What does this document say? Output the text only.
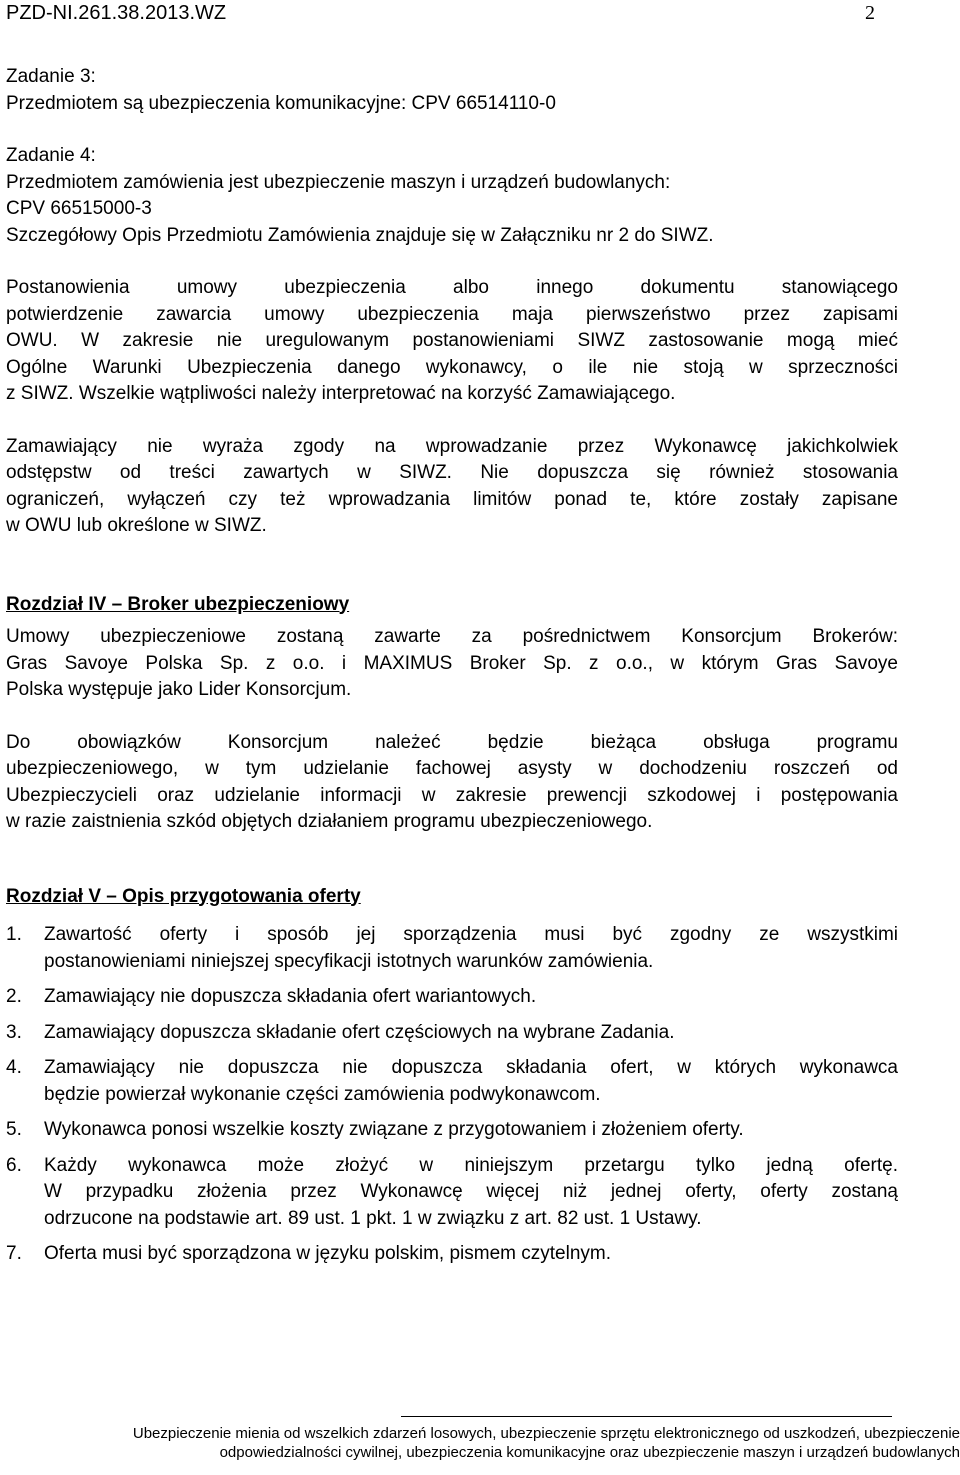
PZD-NI.261.38.2013.WZ	2

Zadanie 3:
Przedmiotem są ubezpieczenia komunikacyjne: CPV 66514110-0

Zadanie 4:
Przedmiotem zamówienia jest ubezpieczenie maszyn i urządzeń budowlanych:
CPV 66515000-3

Szczegółowy Opis Przedmiotu Zamówienia znajduje się w Załączniku nr 2 do SIWZ.

Postanowienia umowy ubezpieczenia albo innego dokumentu stanowiącego
potwierdzenie zawarcia umowy ubezpieczenia maja pierwszeństwo przez zapisami
OWU. W zakresie nie uregulowanym postanowieniami SIWZ zastosowanie mogą mieć
Ogólne Warunki Ubezpieczenia danego wykonawcy, o ile nie stoją w sprzeczności
z SIWZ. Wszelkie wątpliwości należy interpretować na korzyść Zamawiającego.

Zamawiający nie wyraża zgody na wprowadzanie przez Wykonawcę jakichkolwiek
odstępstw od treści zawartych w SIWZ. Nie dopuszcza się również stosowania
ograniczeń, wyłączeń czy też wprowadzania limitów ponad te, które zostały zapisane
w OWU lub określone w SIWZ.

Rozdział IV – Broker ubezpieczeniowy

Umowy ubezpieczeniowe zostaną zawarte za pośrednictwem Konsorcjum Brokerów:
Gras Savoye Polska Sp. z o.o. i MAXIMUS Broker Sp. z o.o., w którym Gras Savoye
Polska występuje jako Lider Konsorcjum.

Do obowiązków Konsorcjum należeć będzie bieżąca obsługa programu
ubezpieczeniowego, w tym udzielanie fachowej asysty w dochodzeniu roszczeń od
Ubezpieczycieli oraz udzielanie informacji w zakresie prewencji szkodowej i postępowania
w razie zaistnienia szkód objętych działaniem programu ubezpieczeniowego.

Rozdział V – Opis przygotowania oferty

1. Zawartość oferty i sposób jej sporządzenia musi być zgodny ze wszystkimi
postanowieniami niniejszej specyfikacji istotnych warunków zamówienia.
2. Zamawiający nie dopuszcza składania ofert wariantowych.
3. Zamawiający dopuszcza składanie ofert częściowych na wybrane Zadania.
4. Zamawiający nie dopuszcza nie dopuszcza składania ofert, w których wykonawca
będzie powierzał wykonanie części zamówienia podwykonawcom.
5. Wykonawca ponosi wszelkie koszty związane z przygotowaniem i złożeniem oferty.
6. Każdy wykonawca może złożyć w niniejszym przetargu tylko jedną ofertę.
W przypadku złożenia przez Wykonawcę więcej niż jednej oferty, oferty zostaną
odrzucone na podstawie art. 89 ust. 1 pkt. 1 w związku z art. 82 ust. 1 Ustawy.
7. Oferta musi być sporządzona w języku polskim, pismem czytelnym.
Ubezpieczenie mienia od wszelkich zdarzeń losowych, ubezpieczenie sprzętu elektronicznego od uszkodzeń, ubezpieczenie
odpowiedzialności cywilnej, ubezpieczenia komunikacyjne oraz ubezpieczenie maszyn i urządzeń budowlanych
